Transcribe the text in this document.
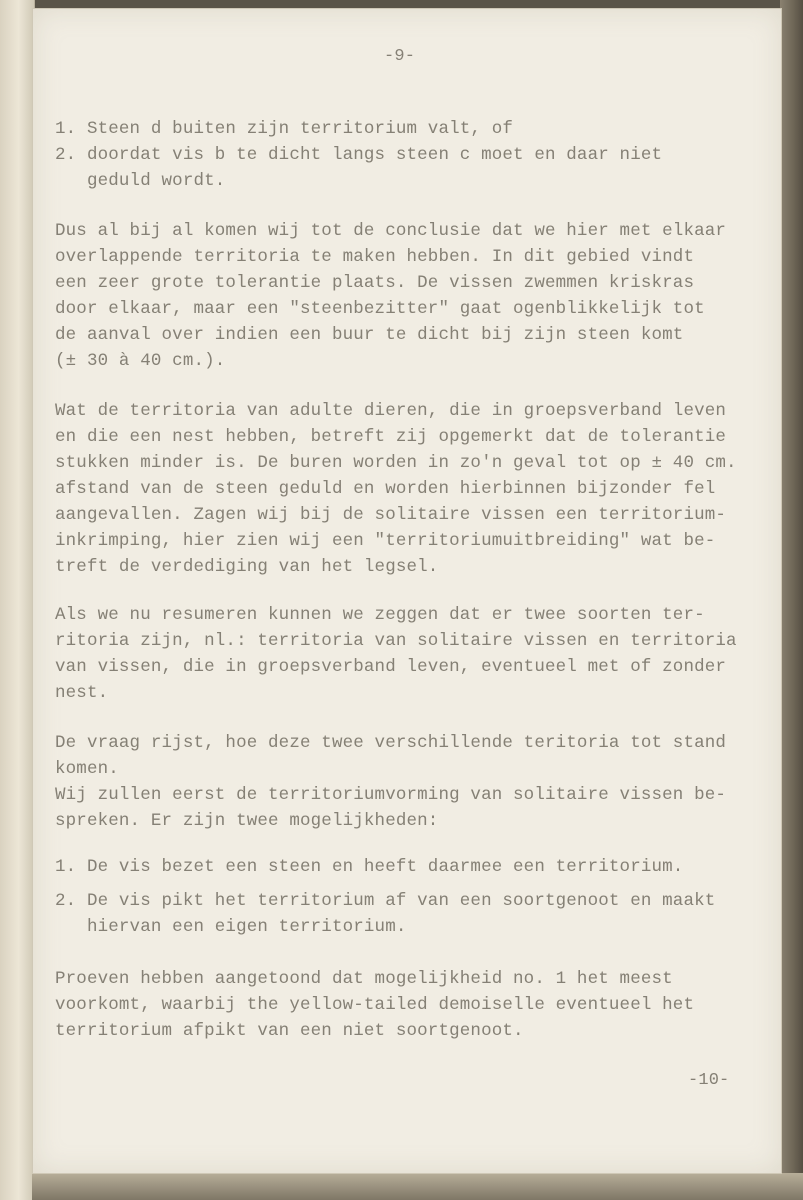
-9-
1. Steen d buiten zijn territorium valt, of
2. doordat vis b te dicht langs steen c moet en daar niet
geduld wordt.
Dus al bij al komen wij tot de conclusie dat we hier met elkaar
overlappende territoria te maken hebben. In dit gebied vindt
een zeer grote tolerantie plaats. De vissen zwemmen kriskras
door elkaar, maar een "steenbezitter" gaat ogenblikkelijk tot
de aanval over indien een buur te dicht bij zijn steen komt
(± 30 à 40 cm.).
Wat de territoria van adulte dieren, die in groepsverband leven
en die een nest hebben, betreft zij opgemerkt dat de tolerantie
stukken minder is. De buren worden in zo'n geval tot op ± 40 cm.
afstand van de steen geduld en worden hierbinnen bijzonder fel
aangevallen. Zagen wij bij de solitaire vissen een territorium-
inkrimping, hier zien wij een "territoriumuitbreiding" wat be-
treft de verdediging van het legsel.
Als we nu resumeren kunnen we zeggen dat er twee soorten ter-
ritoria zijn, nl.: territoria van solitaire vissen en territoria
van vissen, die in groepsverband leven, eventueel met of zonder
nest.
De vraag rijst, hoe deze twee verschillende teritoria tot stand
komen.
Wij zullen eerst de territoriumvorming van solitaire vissen be-
spreken. Er zijn twee mogelijkheden:
1. De vis bezet een steen en heeft daarmee een territorium.
2. De vis pikt het territorium af van een soortgenoot en maakt
hiervan een eigen territorium.
Proeven hebben aangetoond dat mogelijkheid no. 1 het meest
voorkomt, waarbij the yellow-tailed demoiselle eventueel het
territorium afpikt van een niet soortgenoot.
-10-
